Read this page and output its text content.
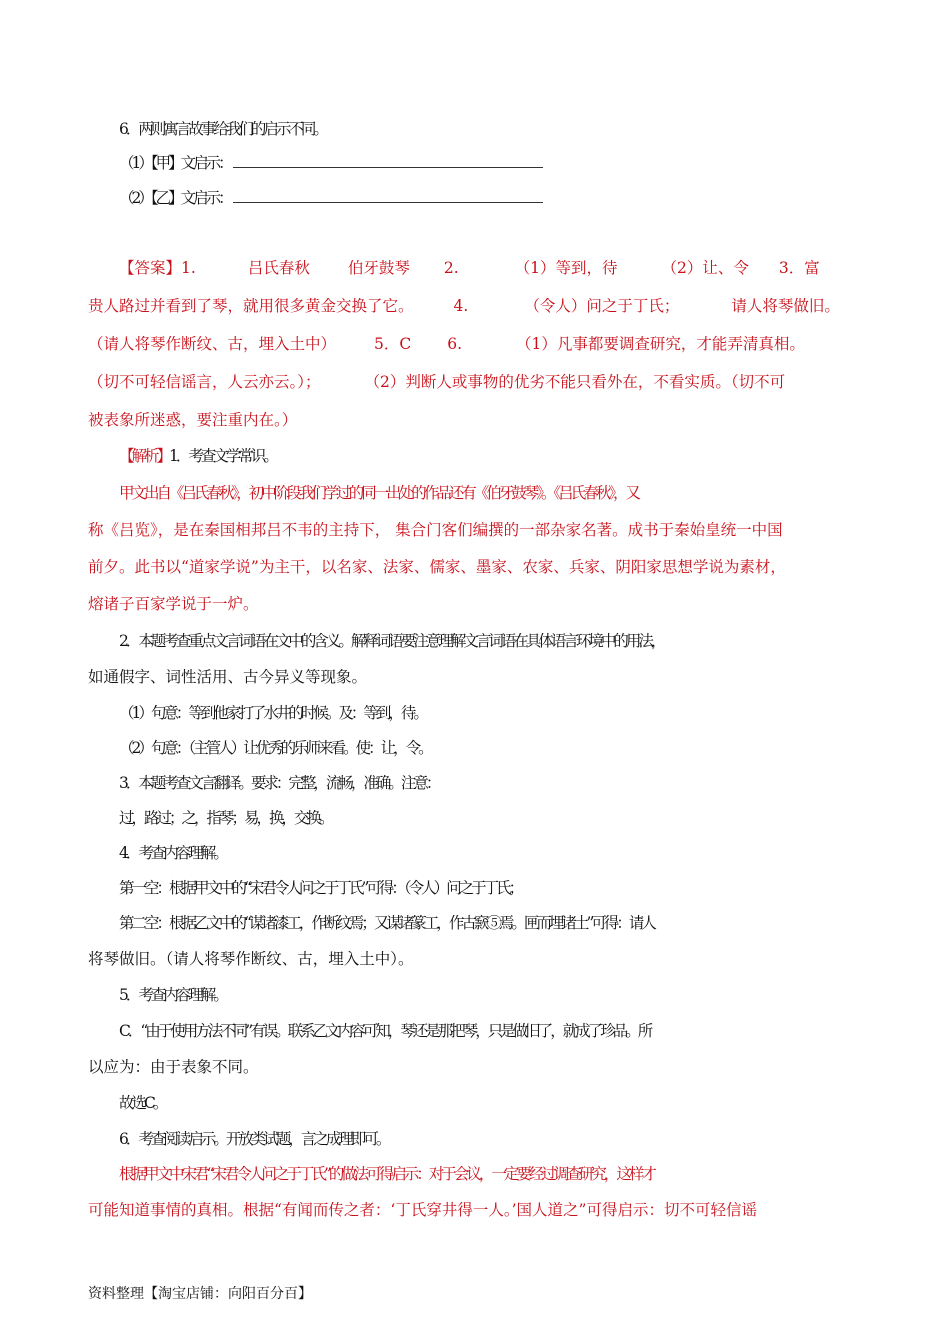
6．两则寓言故事给我们的启示不同。
（1）【甲】文启示：
（2）【乙】文启示：
【答案】1.	吕氏春秋 伯牙鼓琴 2.	（1）等到，待	（2）让、令 3．富
贵人路过并看到了琴，就用很多黄金交换了它。	4.	（令人）问之于丁氏；	请人将琴做旧。
（请人将琴作断纹、古，埋入土中） 5．C 6.	（1）凡事都要调查研究，才能弄清真相。
（切不可轻信谣言，人云亦云。）；	（2）判断人或事物的优劣不能只看外在，不看实质。（切不可
被表象所迷惑，要注重内在。）
【解析】1．考查文学常识。
甲文出自《吕氏春秋》，初中阶段我们学过的同一出处的作品还有《伯牙鼓琴》。《吕氏春秋》，又
称《吕览》，是在秦国相邦吕不韦的主持下， 集合门客们编撰的一部杂家名著。成书于秦始皇统一中国
前夕。此书以“道家学说”为主干，以名家、法家、儒家、墨家、农家、兵家、阴阳家思想学说为素材，
熔诸子百家学说于一炉。
2．本题考查重点文言词语在文中的含义。解释词语要注意理解文言词语在具体语言环境中的用法，
如通假字、词性活用、古今异义等现象。
（1）句意：等到他家打了水井的时候。及：等到，待。
（2）句意：（主管人）让优秀的乐师来看。使：让，令。
3．本题考查文言翻译。要求：完整，流畅，准确。注意：
过，路过；之，指琴；易，换，交换。
4．考查内容理解。
第一空：根据甲文中的“宋君令人问之于丁氏”可得：（令人）问之于丁氏；
第二空：根据乙文中的“谋诸漆工，作断纹焉；又谋诸篆工，作古窾⑤焉。匣而埋诸土”可得：请人
将琴做旧。（请人将琴作断纹、古，埋入土中）。
5．考查内容理解。
C．“由于使用方法不同”有误。联系乙文内容可知，琴还是那把琴，只是做旧了，就成了珍品。所
以应为：由于表象不同。
故选C。
6．考查阅读启示。开放类试题，言之成理即可。
根据甲文中宋君“宋君令人问之于丁氏”的做法可得启示：对于会议，一定要经过调查研究，这样才
可能知道事情的真相。根据“有闻而传之者：‘丁氏穿井得一人。’国人道之”可得启示：切不可轻信谣
资料整理【淘宝店铺：向阳百分百】
